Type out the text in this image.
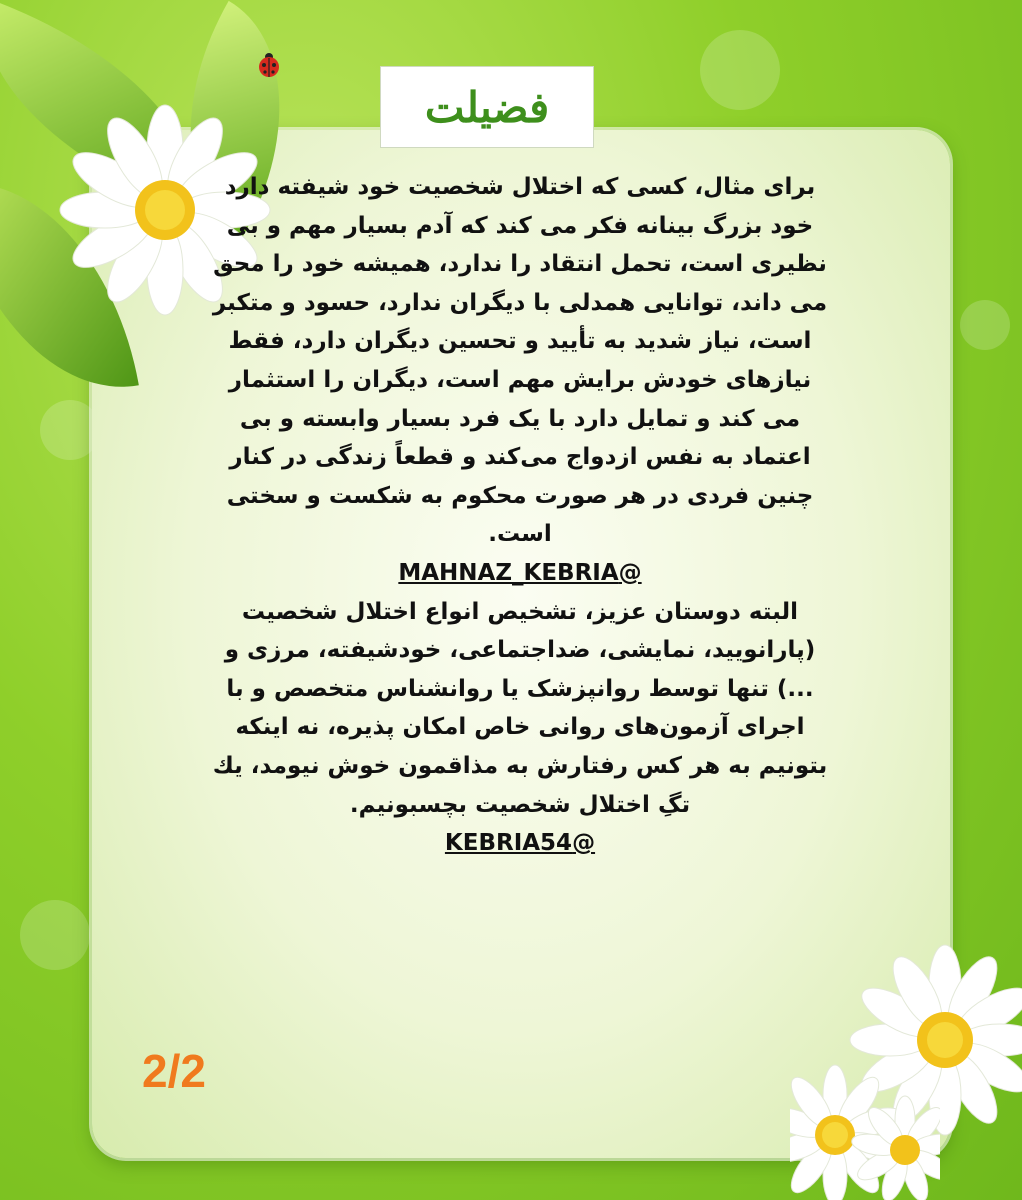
فضیلت

برای مثال، کسی که اختلال شخصیت خود شیفته دارد خود بزرگ بینانه فکر می کند که آدم بسیار مهم و بی نظیری است، تحمل انتقاد را ندارد، همیشه خود را محق می داند، توانایی همدلی با دیگران ندارد، حسود و متکبر است، نیاز شدید به تأیید و تحسین دیگران دارد، فقط نیازهای خودش برایش مهم است، دیگران را استثمار می کند و تمایل دارد با یک فرد بسیار وابسته و بی اعتماد به نفس ازدواج می‌کند و قطعاً زندگی در کنار چنین فردی در هر صورت محکوم به شکست و سختی است.

@MAHNAZ_KEBRIA

البته دوستان عزیز، تشخیص انواع اختلال شخصیت (پارانویید، نمایشی، ضداجتماعی، خودشیفته، مرزی و ...) تنها توسط روانپزشک یا روانشناس متخصص و با اجرای آزمون‌های روانی خاص امکان پذیره، نه اینکه بتونیم به هر کس رفتارش به مذاقمون خوش نیومد، یك تگِ اختلال شخصیت بچسبونیم.

@KEBRIA54

2/2
